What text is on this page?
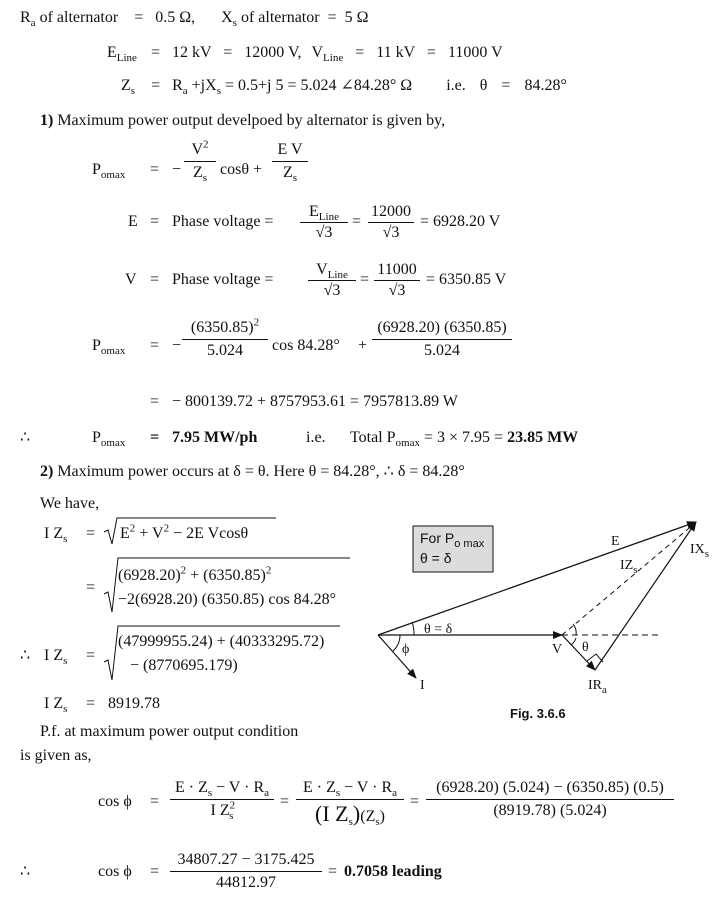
$R_a$ of alternator = 0.5 Ω, $X_s$ of alternator = 5 Ω
$E_{Line} = 12$ kV = 12000 V, $V_{Line} = 11$ kV = 11000 V
$Z_s = R_a +jX_s = 0.5+j$ 5 = 5.024 ∠84.28° Ω i.e. θ = 84.28°
1) Maximum power output develpoed by alternator is given by,
$P_{omax}$ = − $\frac{V^2}{Z_s}$ $\cos\theta + \frac{\text{E V}}{Z_s}$
E = Phase voltage =
$E_{Line}$
√3
= $\frac{12000}{√3} = 6928.20$ V
V = Phase voltage =
$V_{Line}$
√3
= $\frac{11000}{√3} = 6350.85$ V
$P_{omax}$ = − $\frac{(6350.85)^2}{5.024}$ $\cos 84.28^\circ + \frac{(6928.20) (6350.85)}{5.024}$
= − 800139.72 + 8757953.61 = 7957813.89 W
∴	$P_{omax} = 7.95$ MW/ph	i.e. Total $P_{omax} = 3 \times 7.95 = 23.85$ MW
2) Maximum power occurs at δ = θ. Here θ = 84.28°, ∴ δ = 84.28°
We have,
I $Z_s = E^2 + V^2 - 2E$ Vcosθ
=
$(6928.20)^2 + (6350.85)^2$
−2(6928.20) (6350.85) cos 84.28°
∴ I $Z_s$ =
(47999955.24) + (40333295.72)
− (8770695.179)
I $Z_s = 8919.78$
For $P_{o max}$
θ = δ
E
$IX_s$
$IZ_s$
θ = δ
ϕ
I
V θ
$IR_a$
Fig. 3.6.6
P.f. at maximum power output condition
is given as,
$\cos \phi = \frac{E \cdot Z_s - V \cdot R_a}{I Z^2_s} = \frac{E \cdot Z_s - V \cdot R_a}{(I Z_s)(Z_s)} = \frac{(6928.20) (5.024) - (6350.85) (0.5)}{(8919.78) (5.024)}$
∴	$\cos \phi = \frac{34807.27 - 3175.425}{44812.97} = 0.7058$ leading
